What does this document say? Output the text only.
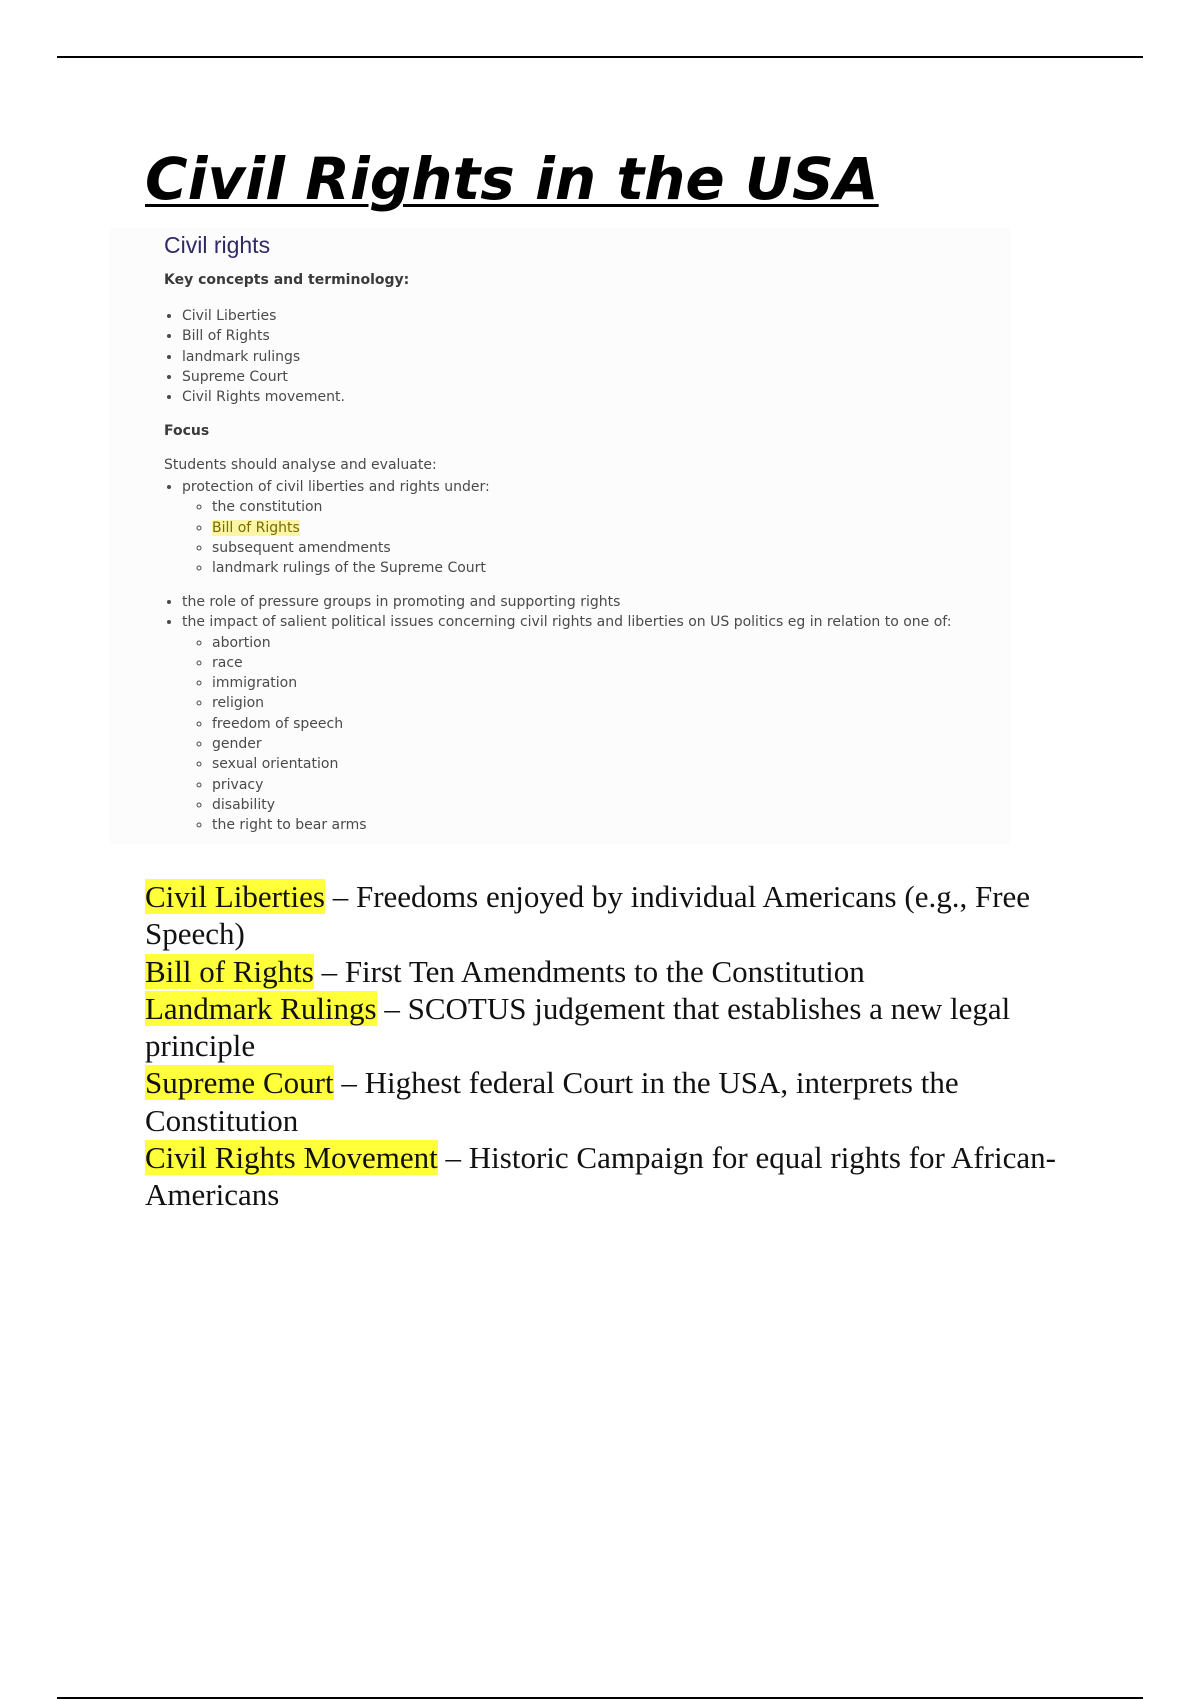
Civil Rights in the USA
Civil rights

Key concepts and terminology:

• Civil Liberties
• Bill of Rights
• landmark rulings
• Supreme Court
• Civil Rights movement.

Focus

Students should analyse and evaluate:

• protection of civil liberties and rights under:
◦ the constitution
◦ Bill of Rights
◦ subsequent amendments
◦ landmark rulings of the Supreme Court
• the role of pressure groups in promoting and supporting rights
• the impact of salient political issues concerning civil rights and liberties on US politics eg in relation to one of:
◦ abortion
◦ race
◦ immigration
◦ religion
◦ freedom of speech
◦ gender
◦ sexual orientation
◦ privacy
◦ disability
◦ the right to bear arms

Civil Liberties – Freedoms enjoyed by individual Americans (e.g., Free Speech)

Bill of Rights – First Ten Amendments to the Constitution

Landmark Rulings – SCOTUS judgement that establishes a new legal principle

Supreme Court – Highest federal Court in the USA, interprets the Constitution

Civil Rights Movement – Historic Campaign for equal rights for African-Americans
